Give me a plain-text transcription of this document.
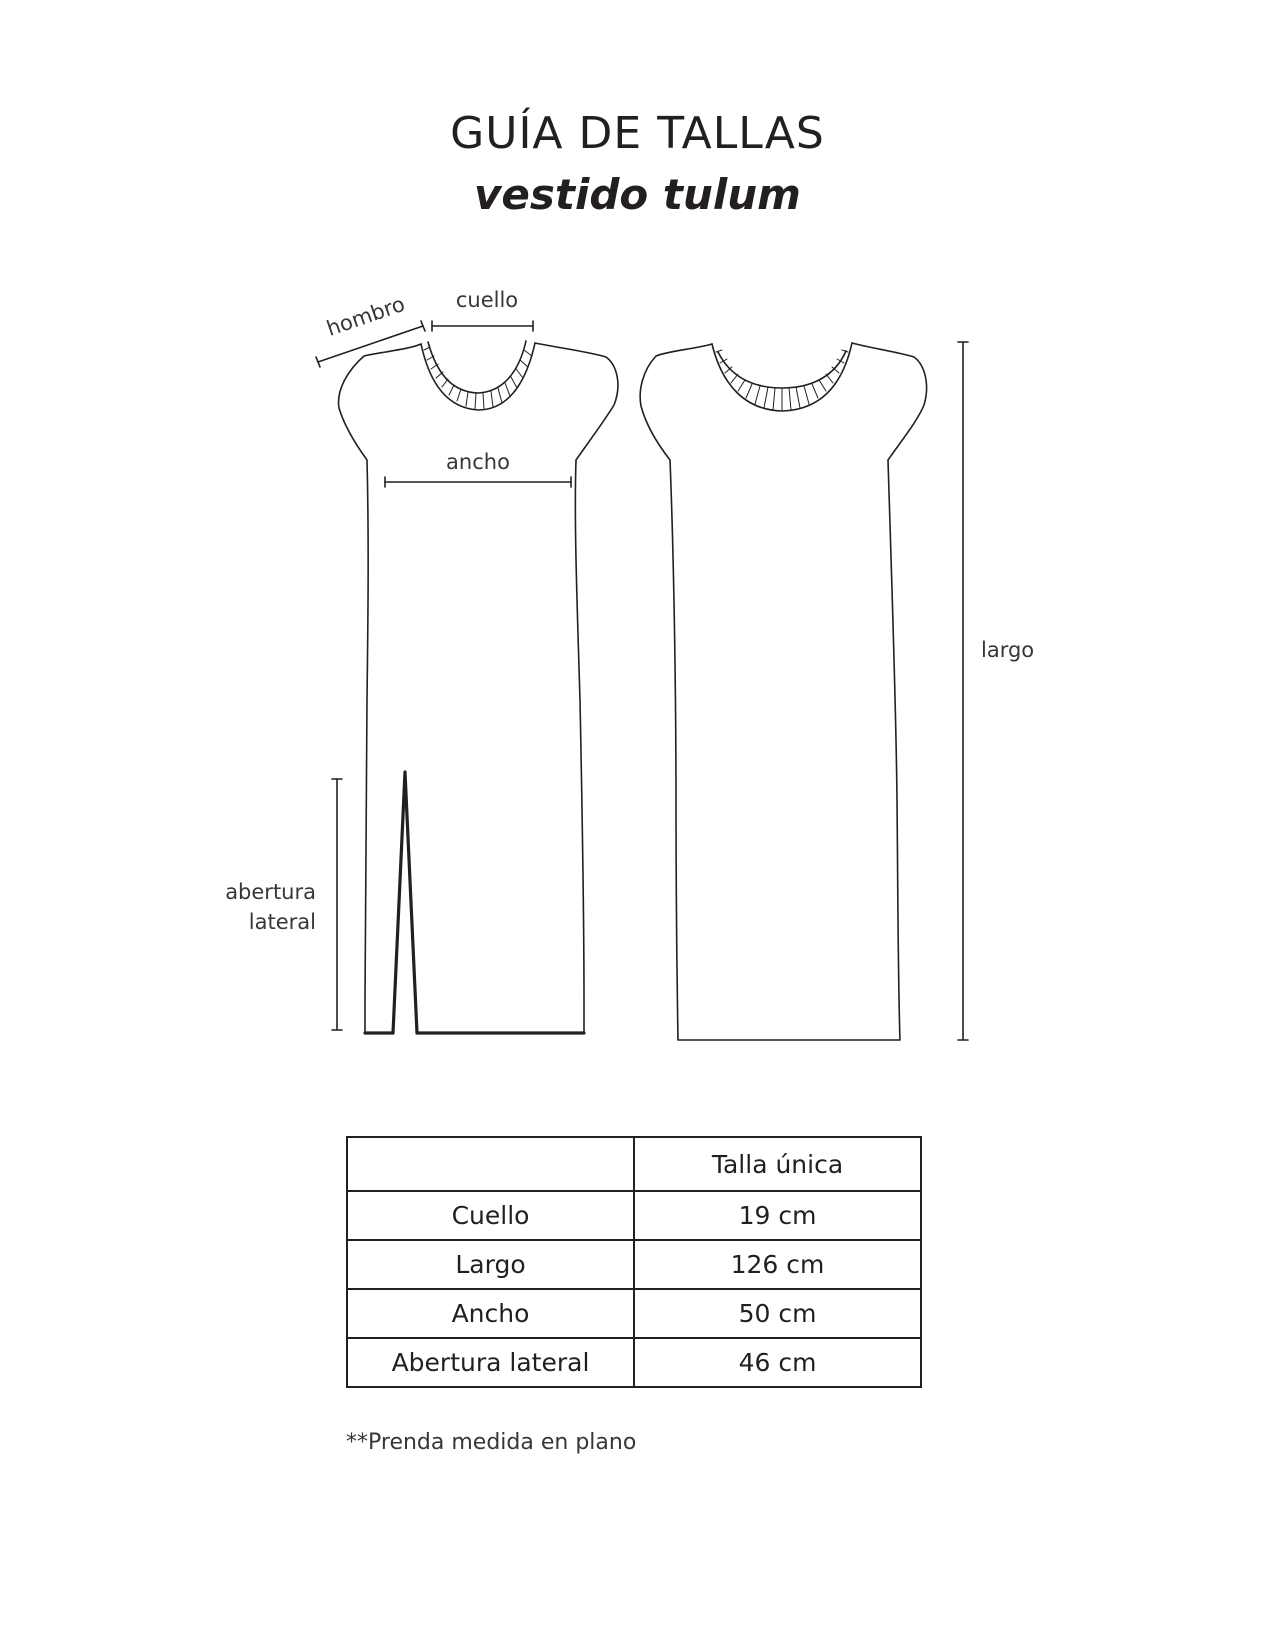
GUÍA DE TALLAS
vestido tulum
hombro cuello
ancho
largo
abertura
lateral
	Talla única
Cuello	19 cm
Largo	126 cm
Ancho	50 cm
Abertura lateral	46 cm

**Prenda medida en plano
